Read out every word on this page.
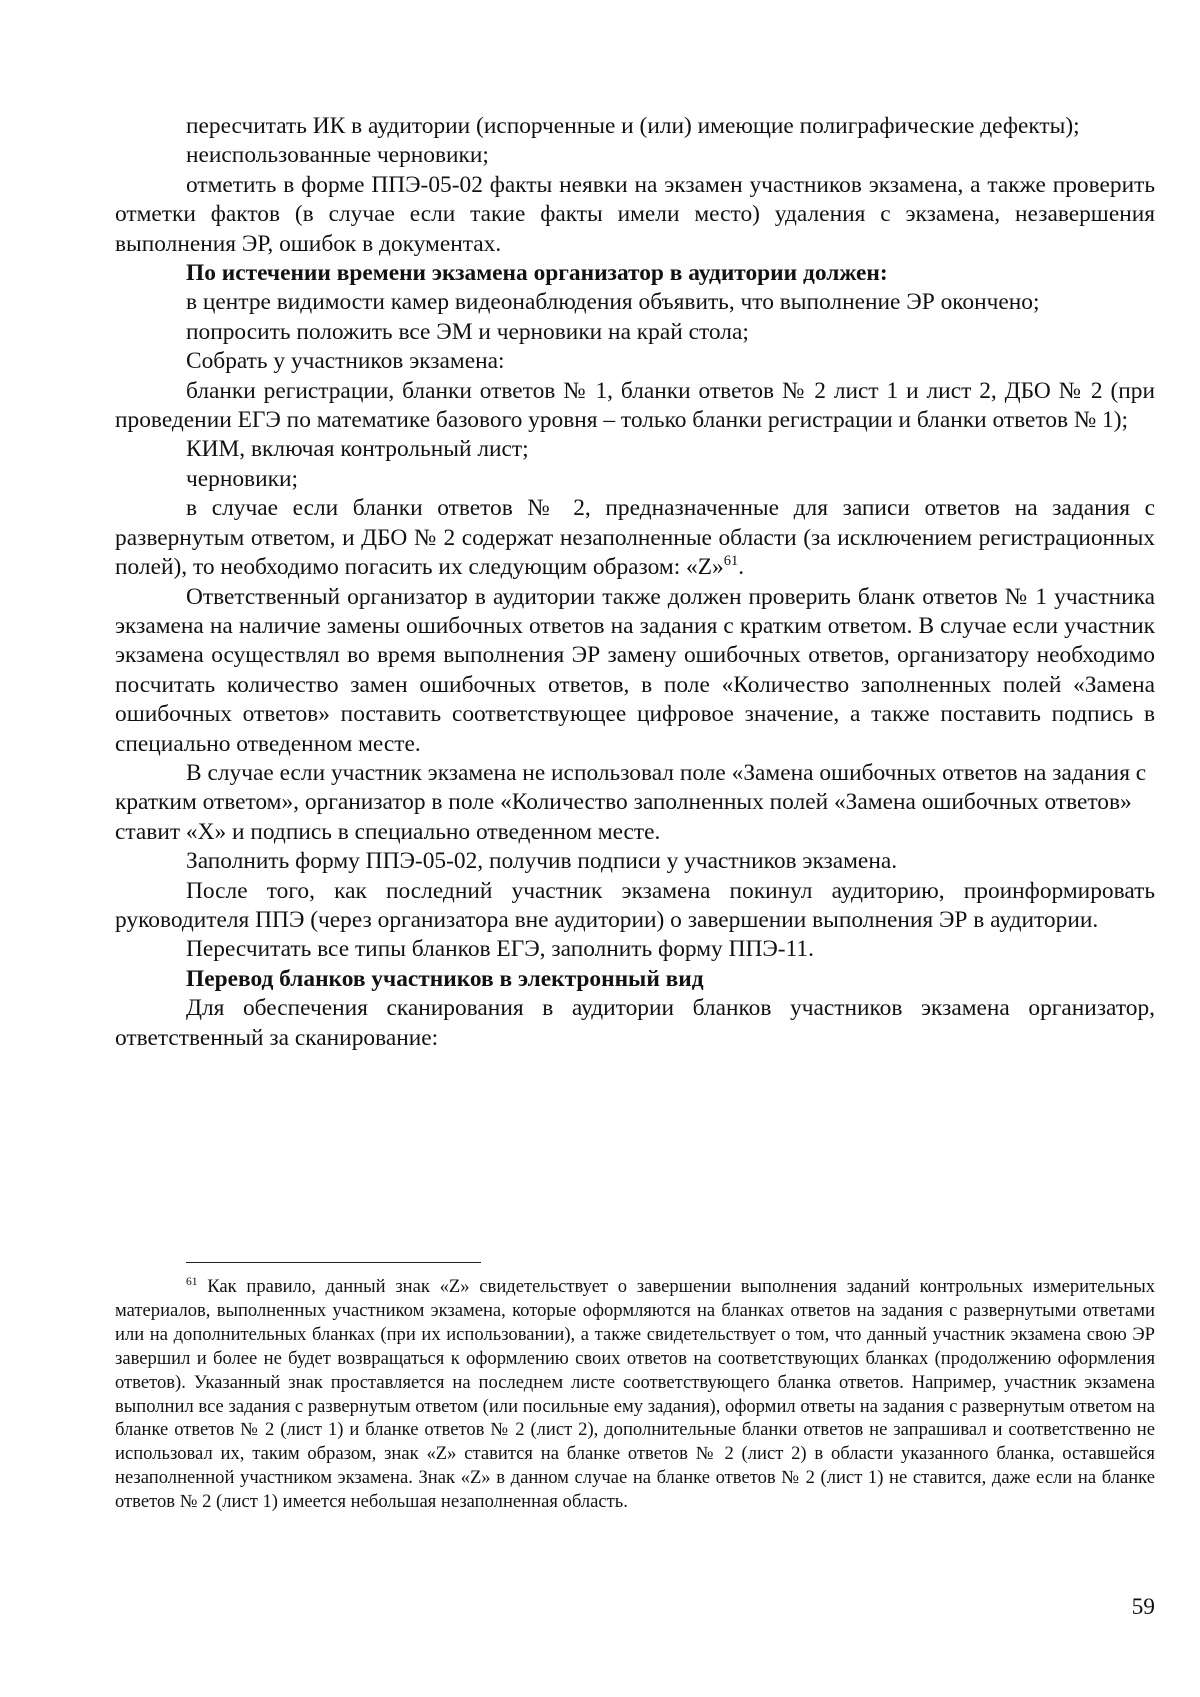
пересчитать ИК в аудитории (испорченные и (или) имеющие полиграфические дефекты);

неиспользованные черновики;

отметить в форме ППЭ-05-02 факты неявки на экзамен участников экзамена, а также проверить отметки фактов (в случае если такие факты имели место) удаления с экзамена, незавершения выполнения ЭР, ошибок в документах.

По истечении времени экзамена организатор в аудитории должен:

в центре видимости камер видеонаблюдения объявить, что выполнение ЭР окончено;

попросить положить все ЭМ и черновики на край стола;

Собрать у участников экзамена:

бланки регистрации, бланки ответов № 1, бланки ответов № 2 лист 1 и лист 2, ДБО № 2 (при проведении ЕГЭ по математике базового уровня – только бланки регистрации и бланки ответов № 1);

КИМ, включая контрольный лист;

черновики;

в случае если бланки ответов № 2, предназначенные для записи ответов на задания с развернутым ответом, и ДБО № 2 содержат незаполненные области (за исключением регистрационных полей), то необходимо погасить их следующим образом: «Z»$^{61}$.

Ответственный организатор в аудитории также должен проверить бланк ответов № 1 участника экзамена на наличие замены ошибочных ответов на задания с кратким ответом. В случае если участник экзамена осуществлял во время выполнения ЭР замену ошибочных ответов, организатору необходимо посчитать количество замен ошибочных ответов, в поле «Количество заполненных полей «Замена ошибочных ответов» поставить соответствующее цифровое значение, а также поставить подпись в специально отведенном месте.

В случае если участник экзамена не использовал поле «Замена ошибочных ответов на задания с кратким ответом», организатор в поле «Количество заполненных полей «Замена ошибочных ответов» ставит «X» и подпись в специально отведенном месте.

Заполнить форму ППЭ-05-02, получив подписи у участников экзамена.

После того, как последний участник экзамена покинул аудиторию, проинформировать руководителя ППЭ (через организатора вне аудитории) о завершении выполнения ЭР в аудитории.

Пересчитать все типы бланков ЕГЭ, заполнить форму ППЭ-11.

Перевод бланков участников в электронный вид

Для обеспечения сканирования в аудитории бланков участников экзамена организатор, ответственный за сканирование:

$^{61}$ Как правило, данный знак «Z» свидетельствует о завершении выполнения заданий контрольных измерительных материалов, выполненных участником экзамена, которые оформляются на бланках ответов на задания с развернутыми ответами или на дополнительных бланках (при их использовании), а также свидетельствует о том, что данный участник экзамена свою ЭР завершил и более не будет возвращаться к оформлению своих ответов на соответствующих бланках (продолжению оформления ответов). Указанный знак проставляется на последнем листе соответствующего бланка ответов. Например, участник экзамена выполнил все задания с развернутым ответом (или посильные ему задания), оформил ответы на задания с развернутым ответом на бланке ответов № 2 (лист 1) и бланке ответов № 2 (лист 2), дополнительные бланки ответов не запрашивал и соответственно не использовал их, таким образом, знак «Z» ставится на бланке ответов № 2 (лист 2) в области указанного бланка, оставшейся незаполненной участником экзамена. Знак «Z» в данном случае на бланке ответов № 2 (лист 1) не ставится, даже если на бланке ответов № 2 (лист 1) имеется небольшая незаполненная область.

59
